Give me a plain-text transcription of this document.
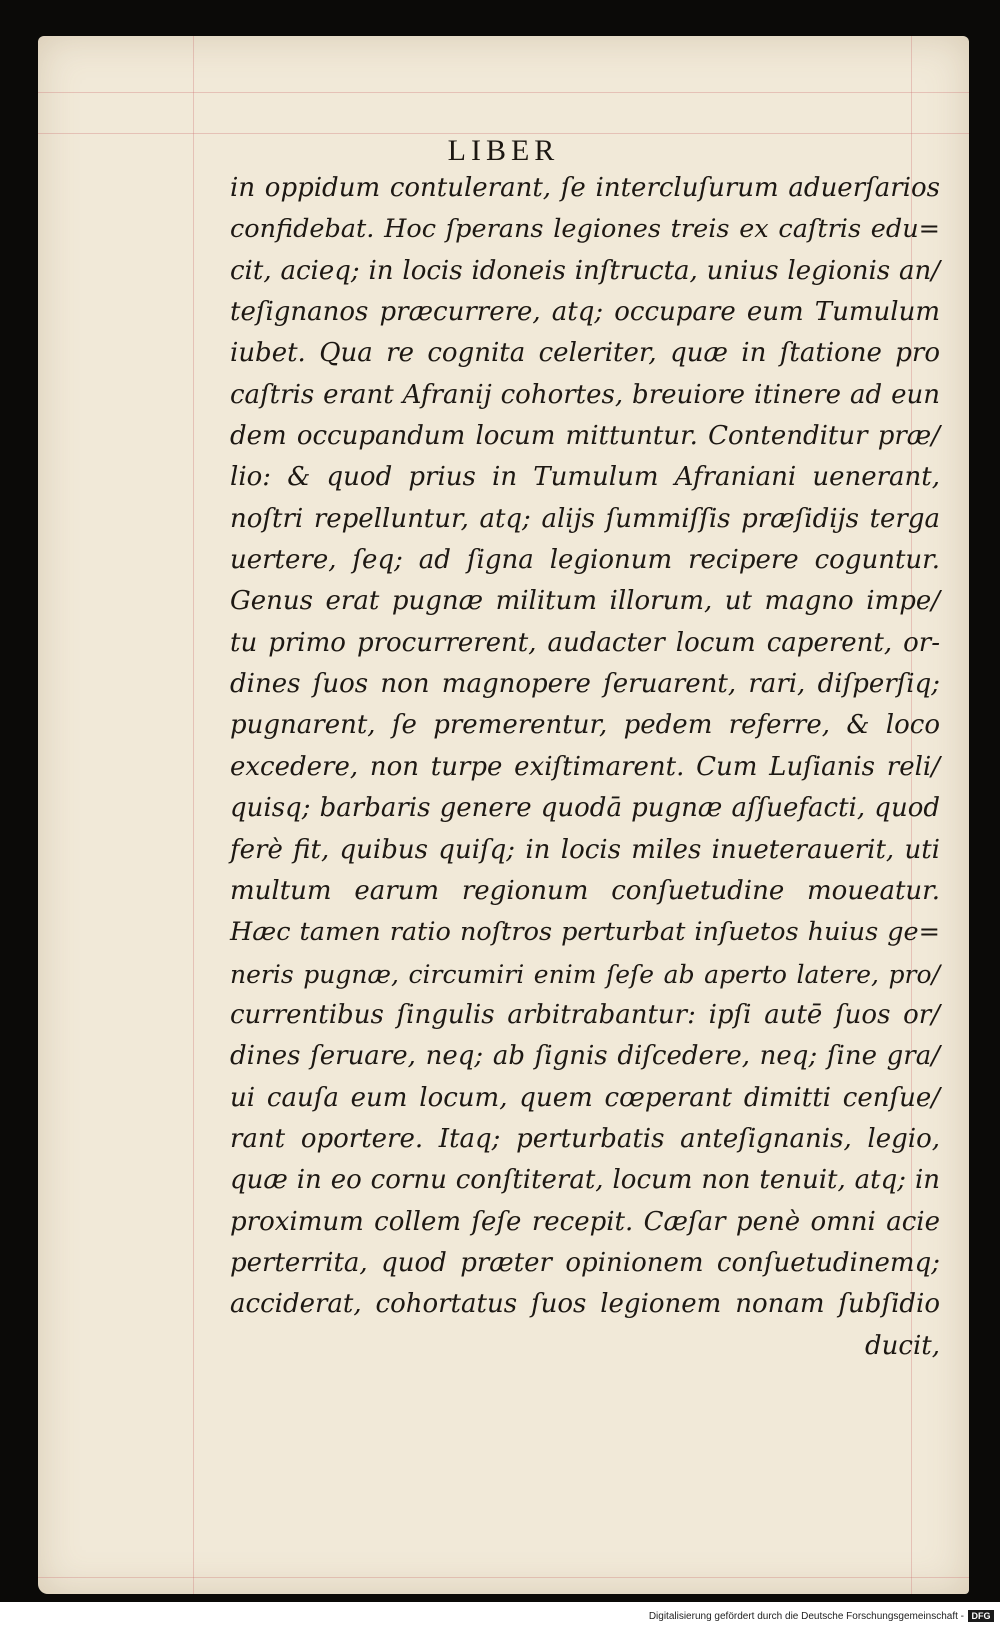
LIBER
in oppidum contulerant, ſe intercluſurum aduerſarios
confidebat. Hoc ſperans legiones treis ex caſtris edu=
cit, acieq; in locis idoneis inſtructa, unius legionis an/
teſignanos præcurrere, atq; occupare eum Tumulum
iubet. Qua re cognita celeriter, quæ in ſtatione pro
caſtris erant Afranij cohortes, breuiore itinere ad eun
dem occupandum locum mittuntur. Contenditur præ/
lio: & quod prius in Tumulum Afraniani uenerant,
noſtri repelluntur, atq; alijs ſummiſſis præſidijs terga
uertere, ſeq; ad ſigna legionum recipere coguntur.
Genus erat pugnæ militum illorum, ut magno impe/
tu primo procurrerent, audacter locum caperent, or-
dines ſuos non magnopere ſeruarent, rari, diſperſiq;
pugnarent, ſe premerentur, pedem referre, & loco
excedere, non turpe exiſtimarent. Cum Luſianis reli/
quisq; barbaris genere quodā pugnæ aſſuefacti, quod
ferè fit, quibus quiſq; in locis miles inueterauerit, uti
multum earum regionum conſuetudine moueatur.
Hæc tamen ratio noſtros perturbat inſuetos huius ge=
neris pugnæ, circumiri enim ſeſe ab aperto latere, pro/
currentibus ſingulis arbitrabantur: ipſi autē ſuos or/
dines ſeruare, neq; ab ſignis diſcedere, neq; ſine gra/
ui cauſa eum locum, quem cœperant dimitti cenſue/
rant oportere. Itaq; perturbatis anteſignanis, legio,
quæ in eo cornu conſtiterat, locum non tenuit, atq; in
proximum collem ſeſe recepit. Cæſar penè omni acie
perterrita, quod præter opinionem conſuetudinemq;
acciderat, cohortatus ſuos legionem nonam ſubſidio
ducit,
Digitalisierung gefördert durch die Deutsche Forschungsgemeinschaft - DFG
